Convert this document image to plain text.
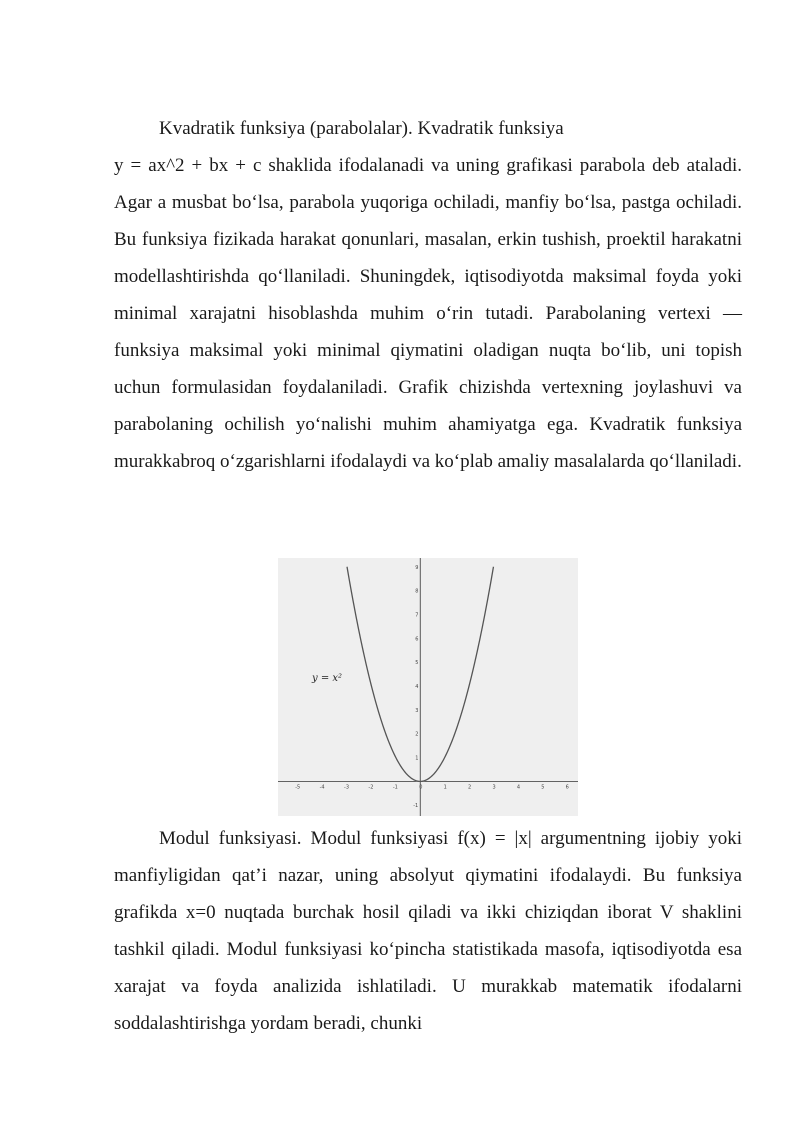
Kvadratik funksiya (parabolalar). Kvadratik funksiya

y = ax^2 + bx + c shaklida ifodalanadi va uning grafikasi parabola deb ataladi. Agar a musbat bo‘lsa, parabola yuqoriga ochiladi, manfiy bo‘lsa, pastga ochiladi. Bu funksiya fizikada harakat qonunlari, masalan, erkin tushish, proektil harakatni modellashtirishda qo‘llaniladi. Shuningdek, iqtisodiyotda maksimal foyda yoki minimal xarajatni hisoblashda muhim o‘rin tutadi. Parabolaning vertexi — funksiya maksimal yoki minimal qiymatini oladigan nuqta bo‘lib, uni topish uchun formulasidan foydalaniladi. Grafik chizishda vertexning joylashuvi va parabolaning ochilish yo‘nalishi muhim ahamiyatga ega. Kvadratik funksiya murakkabroq o‘zgarishlarni ifodalaydi va ko‘plab amaliy masalalarda qo‘llaniladi.

-5	-4	-3	-2	-1	0	1	2	3	4	5	6
-1
1
2
3
4
5
6
7
8
9
y = x²

Modul funksiyasi. Modul funksiyasi f(x) = |x| argumentning ijobiy yoki manfiyligidan qat’i nazar, uning absolyut qiymatini ifodalaydi. Bu funksiya grafikda x=0 nuqtada burchak hosil qiladi va ikki chiziqdan iborat V shaklini tashkil qiladi. Modul funksiyasi ko‘pincha statistikada masofa, iqtisodiyotda esa xarajat va foyda analizida ishlatiladi. U murakkab matematik ifodalarni soddalashtirishga yordam beradi, chunki
